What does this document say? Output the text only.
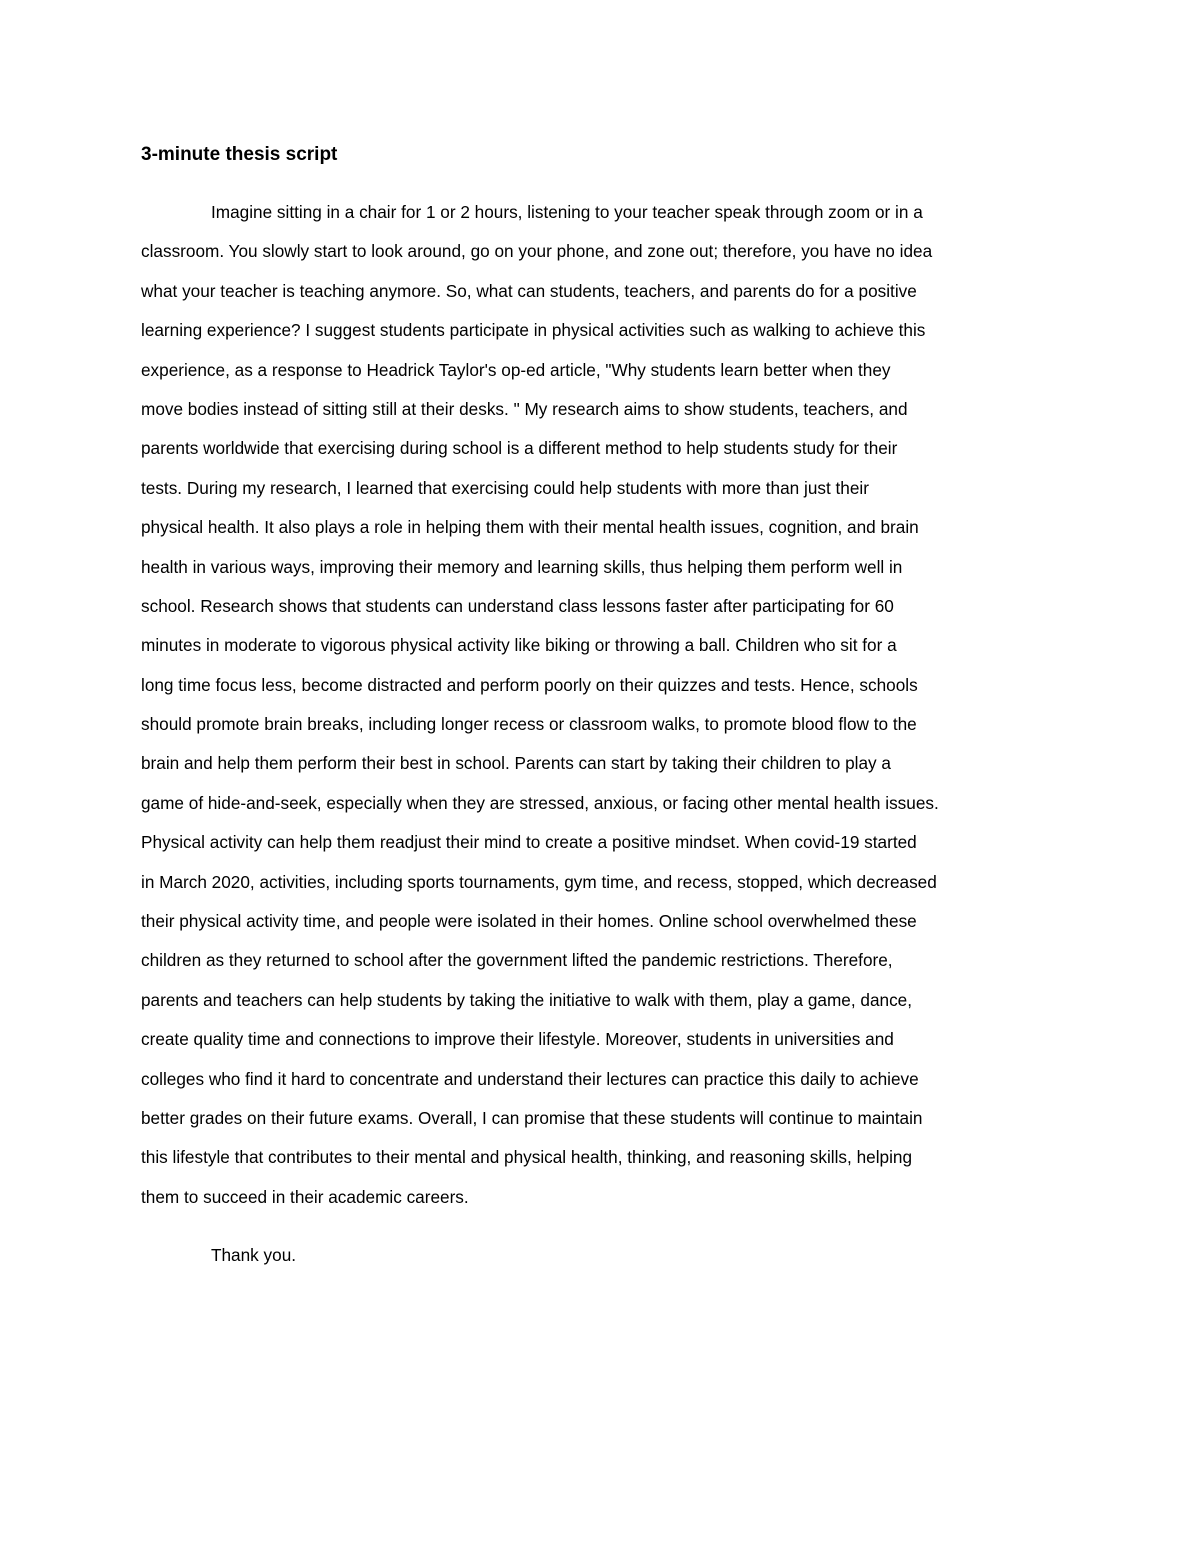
3-minute thesis script
Imagine sitting in a chair for 1 or 2 hours, listening to your teacher speak through zoom or in a
classroom. You slowly start to look around, go on your phone, and zone out; therefore, you have no idea
what your teacher is teaching anymore. So, what can students, teachers, and parents do for a positive
learning experience? I suggest students participate in physical activities such as walking to achieve this
experience, as a response to Headrick Taylor's op-ed article, "Why students learn better when they
move bodies instead of sitting still at their desks. " My research aims to show students, teachers, and
parents worldwide that exercising during school is a different method to help students study for their
tests. During my research, I learned that exercising could help students with more than just their
physical health. It also plays a role in helping them with their mental health issues, cognition, and brain
health in various ways, improving their memory and learning skills, thus helping them perform well in
school. Research shows that students can understand class lessons faster after participating for 60
minutes in moderate to vigorous physical activity like biking or throwing a ball. Children who sit for a
long time focus less, become distracted and perform poorly on their quizzes and tests. Hence, schools
should promote brain breaks, including longer recess or classroom walks, to promote blood flow to the
brain and help them perform their best in school. Parents can start by taking their children to play a
game of hide-and-seek, especially when they are stressed, anxious, or facing other mental health issues.
Physical activity can help them readjust their mind to create a positive mindset. When covid-19 started
in March 2020, activities, including sports tournaments, gym time, and recess, stopped, which decreased
their physical activity time, and people were isolated in their homes. Online school overwhelmed these
children as they returned to school after the government lifted the pandemic restrictions. Therefore,
parents and teachers can help students by taking the initiative to walk with them, play a game, dance,
create quality time and connections to improve their lifestyle. Moreover, students in universities and
colleges who find it hard to concentrate and understand their lectures can practice this daily to achieve
better grades on their future exams. Overall, I can promise that these students will continue to maintain
this lifestyle that contributes to their mental and physical health, thinking, and reasoning skills, helping
them to succeed in their academic careers.
Thank you.
